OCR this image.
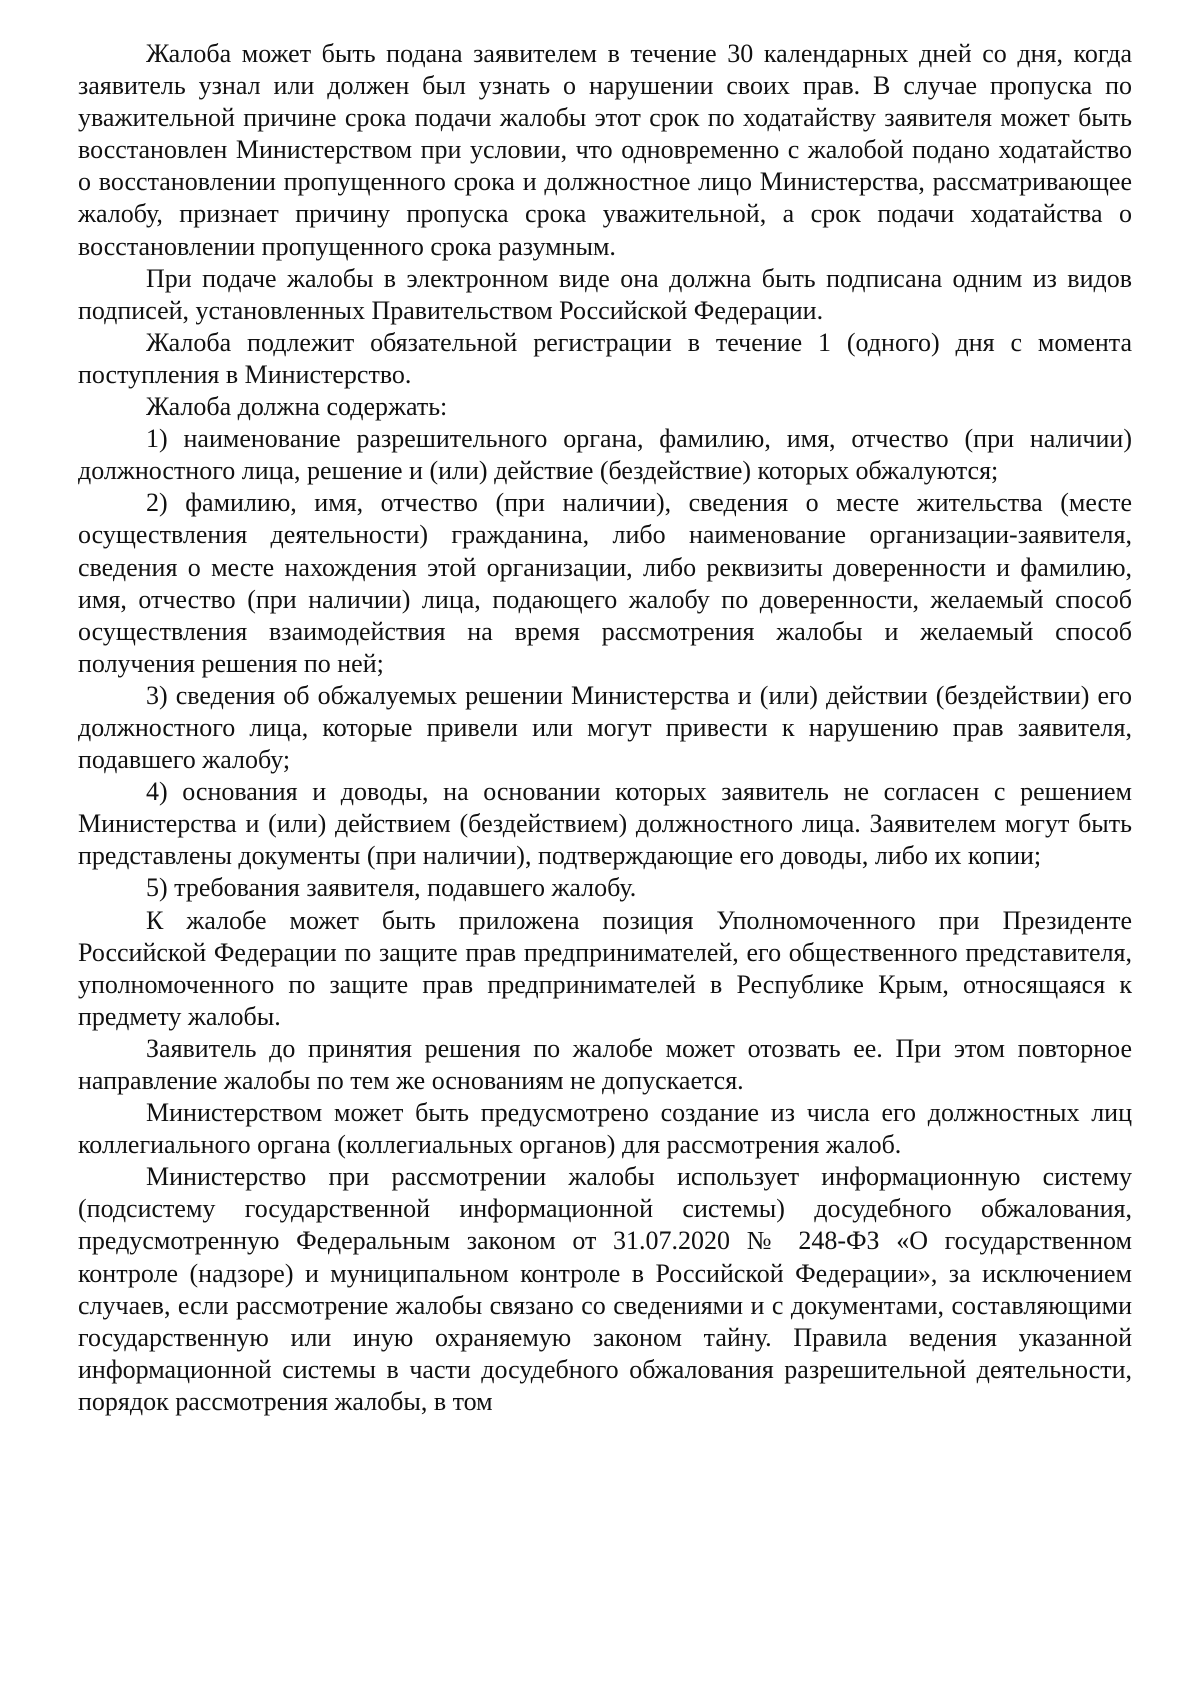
Жалоба может быть подана заявителем в течение 30 календарных дней со дня, когда заявитель узнал или должен был узнать о нарушении своих прав. В случае пропуска по уважительной причине срока подачи жалобы этот срок по ходатайству заявителя может быть восстановлен Министерством при условии, что одновременно с жалобой подано ходатайство о восстановлении пропущенного срока и должностное лицо Министерства, рассматривающее жалобу, признает причину пропуска срока уважительной, а срок подачи ходатайства о восстановлении пропущенного срока разумным.

При подаче жалобы в электронном виде она должна быть подписана одним из видов подписей, установленных Правительством Российской Федерации.

Жалоба подлежит обязательной регистрации в течение 1 (одного) дня с момента поступления в Министерство.

Жалоба должна содержать:

1) наименование разрешительного органа, фамилию, имя, отчество (при наличии) должностного лица, решение и (или) действие (бездействие) которых обжалуются;

2) фамилию, имя, отчество (при наличии), сведения о месте жительства (месте осуществления деятельности) гражданина, либо наименование организации-заявителя, сведения о месте нахождения этой организации, либо реквизиты доверенности и фамилию, имя, отчество (при наличии) лица, подающего жалобу по доверенности, желаемый способ осуществления взаимодействия на время рассмотрения жалобы и желаемый способ получения решения по ней;

3) сведения об обжалуемых решении Министерства и (или) действии (бездействии) его должностного лица, которые привели или могут привести к нарушению прав заявителя, подавшего жалобу;

4) основания и доводы, на основании которых заявитель не согласен с решением Министерства и (или) действием (бездействием) должностного лица. Заявителем могут быть представлены документы (при наличии), подтверждающие его доводы, либо их копии;

5) требования заявителя, подавшего жалобу.

К жалобе может быть приложена позиция Уполномоченного при Президенте Российской Федерации по защите прав предпринимателей, его общественного представителя, уполномоченного по защите прав предпринимателей в Республике Крым, относящаяся к предмету жалобы.

Заявитель до принятия решения по жалобе может отозвать ее. При этом повторное направление жалобы по тем же основаниям не допускается.

Министерством может быть предусмотрено создание из числа его должностных лиц коллегиального органа (коллегиальных органов) для рассмотрения жалоб.

Министерство при рассмотрении жалобы использует информационную систему (подсистему государственной информационной системы) досудебного обжалования, предусмотренную Федеральным законом от 31.07.2020 № 248-ФЗ «О государственном контроле (надзоре) и муниципальном контроле в Российской Федерации», за исключением случаев, если рассмотрение жалобы связано со сведениями и с документами, составляющими государственную или иную охраняемую законом тайну. Правила ведения указанной информационной системы в части досудебного обжалования разрешительной деятельности, порядок рассмотрения жалобы, в том
